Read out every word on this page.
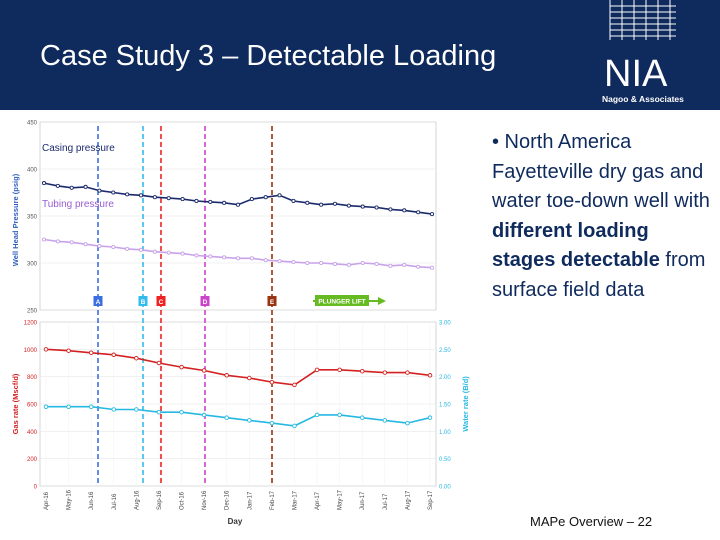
Case Study 3 – Detectable Loading	NIA
Nagoo & Associates
A	B C	D	E	PLUNGER LIFT
450
400
350
300
250
1200	3.00
1000	2.50
800	2.00
600	1.50
400	1.00
200	0.50
0	0.00
Apr-16	May-16	Jun-16	Jul-16	Aug-16	Sep-16	Oct-16	Nov-16	Dec-16	Jan-17	Feb-17	Mar-17	Apr-17	May-17	Jun-17	Jul-17	Aug-17	Sep-17
Well Head Pressure (psig)
Gas rate (Mscf/d)	Water rate (B/d)
Day
Casing pressure
Tubing pressure
• North America Fayetteville dry gas and water toe-down well with different loading stages detectable from surface field data
MAPe Overview – 22
